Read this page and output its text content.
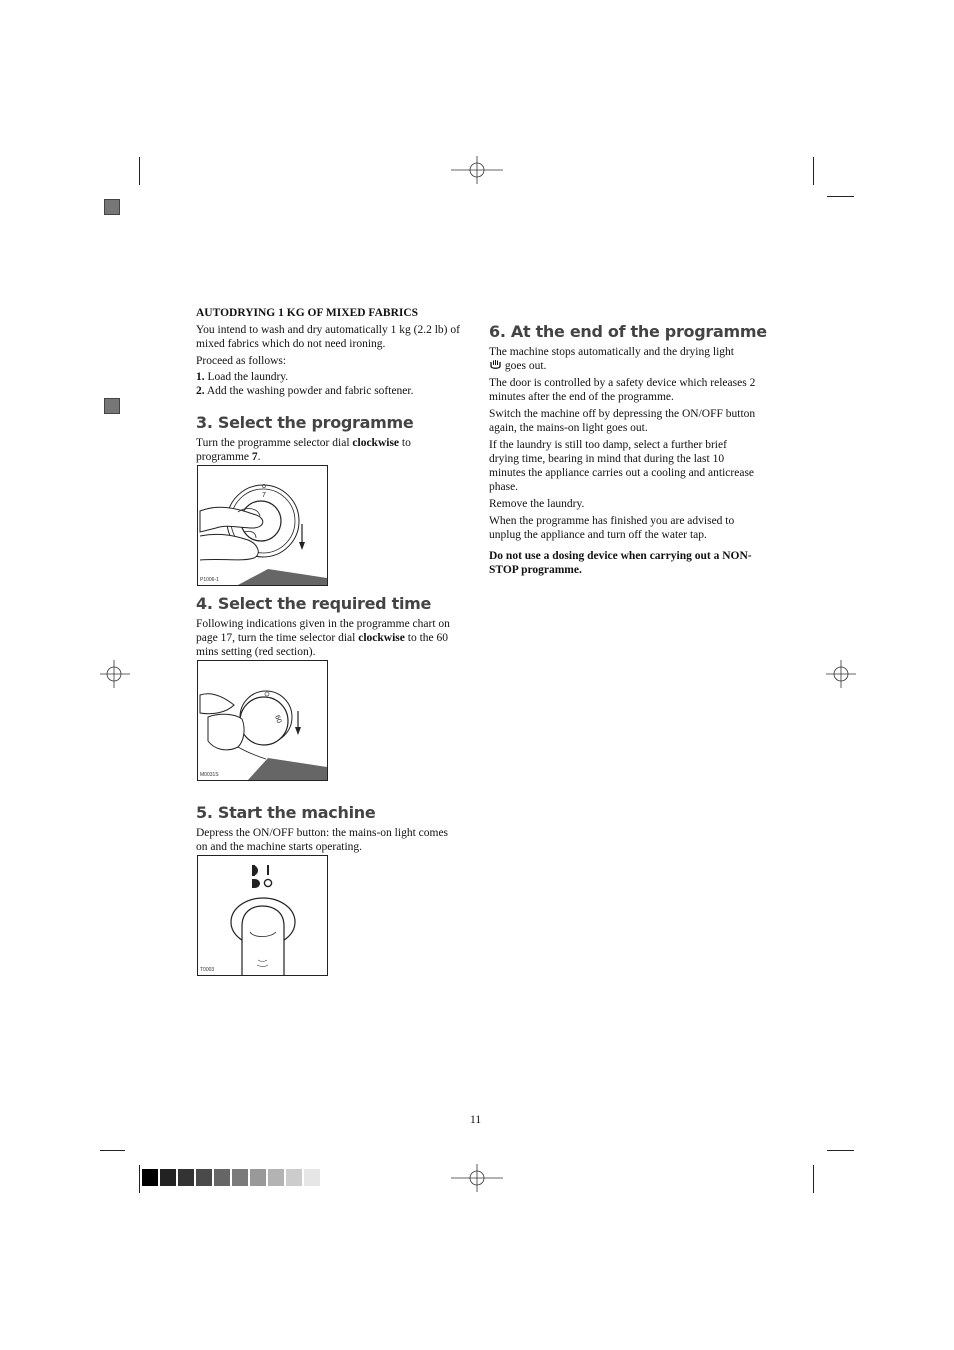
AUTODRYING 1 KG OF MIXED FABRICS

You intend to wash and dry automatically 1 kg (2.2 lb) of mixed fabrics which do not need ironing.

Proceed as follows:

1. Load the laundry.

2. Add the washing powder and fabric softener.

3. Select the programme

Turn the programme selector dial clockwise to programme 7.

7
P1006-1
4. Select the required time

Following indications given in the programme chart on page 17, turn the time selector dial clockwise to the 60 mins setting (red section).

60
M0031S
5. Start the machine

Depress the ON/OFF button: the mains-on light comes on and the machine starts operating.

T0003
6. At the end of the programme

The machine stops automatically and the drying light
goes out.

The door is controlled by a safety device which releases 2 minutes after the end of the programme.

Switch the machine off by depressing the ON/OFF button again, the mains-on light goes out.

If the laundry is still too damp, select a further brief drying time, bearing in mind that during the last 10 minutes the appliance carries out a cooling and anticrease phase.

Remove the laundry.

When the programme has finished you are advised to unplug the appliance and turn off the water tap.

Do not use a dosing device when carrying out a NON-STOP programme.

11
